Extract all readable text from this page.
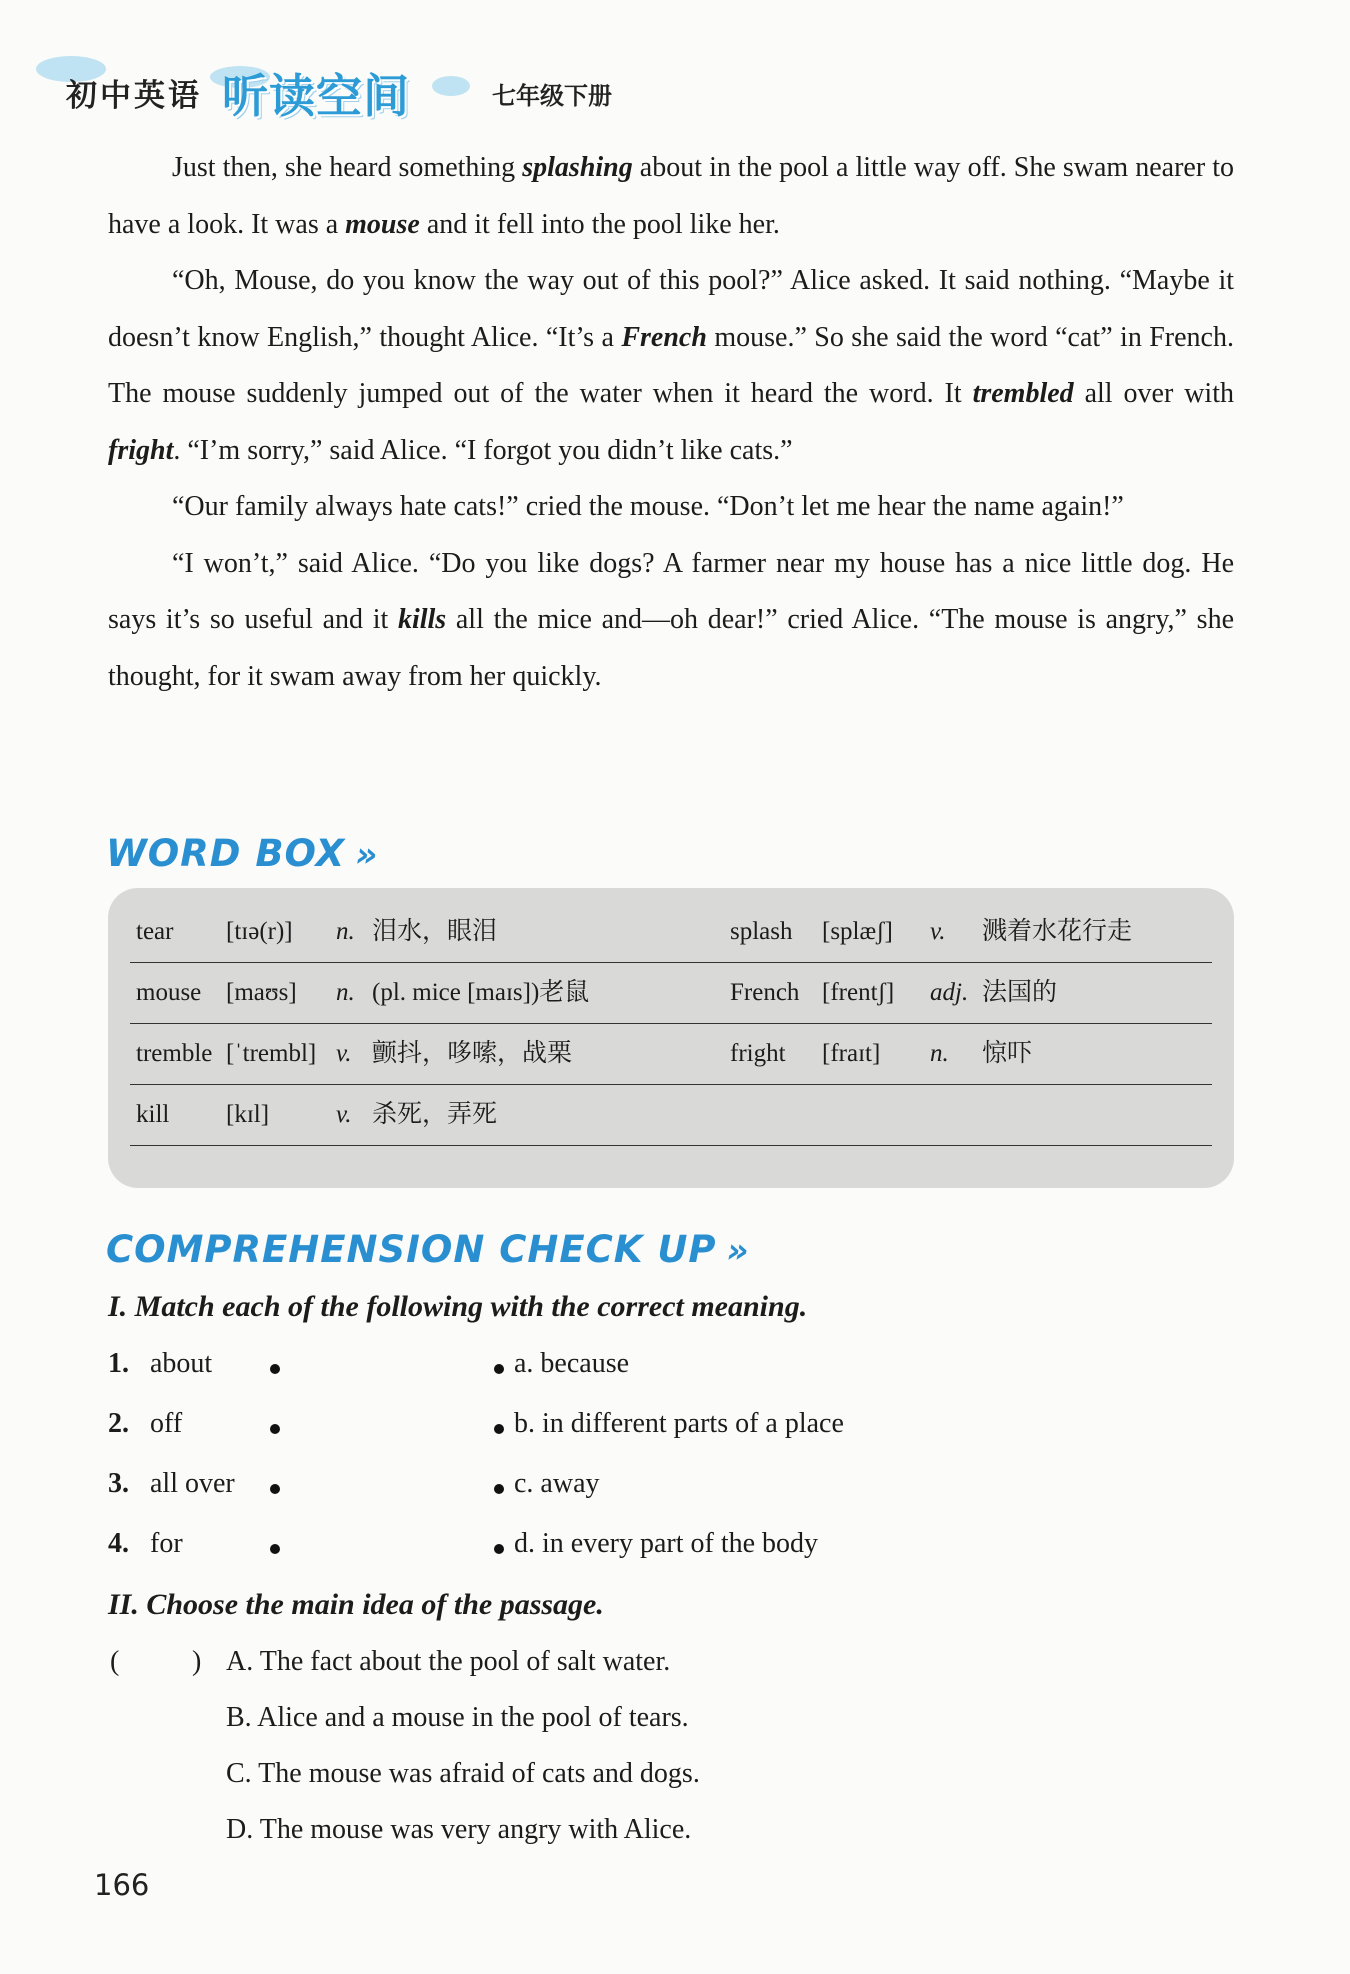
初中英语 听读空间	七年级下册

Just then, she heard something splashing about in the pool a little way off. She swam nearer to have a look. It was a mouse and it fell into the pool like her.

“Oh, Mouse, do you know the way out of this pool?” Alice asked. It said nothing. “Maybe it doesn’t know English,” thought Alice. “It’s a French mouse.” So she said the word “cat” in French. The mouse suddenly jumped out of the water when it heard the word. It trembled all over with fright. “I’m sorry,” said Alice. “I forgot you didn’t like cats.”

“Our family always hate cats!” cried the mouse. “Don’t let me hear the name again!”

“I won’t,” said Alice. “Do you like dogs? A farmer near my house has a nice little dog. He says it’s so useful and it kills all the mice and—oh dear!” cried Alice. “The mouse is angry,” she thought, for it swam away from her quickly.

WORD BOX »
tear [tɪə(r)] n. 泪水，眼泪	splash [splæʃ] v. 溅着水花行走
mouse [maʊs] n. (pl. mice [maɪs])老鼠	French [frentʃ] adj. 法国的
tremble [ˈtrembl] v. 颤抖，哆嗦，战栗	fright [fraɪt] n. 惊吓
kill [kɪl]	v. 杀死，弄死
COMPREHENSION CHECK UP »
I. Match each of the following with the correct meaning.
1. about	a. because
2. off	b. in different parts of a place
3. all over	c. away
4. for	d. in every part of the body
II. Choose the main idea of the passage.
(	) A. The fact about the pool of salt water.
B. Alice and a mouse in the pool of tears.
C. The mouse was afraid of cats and dogs.
D. The mouse was very angry with Alice.
166
